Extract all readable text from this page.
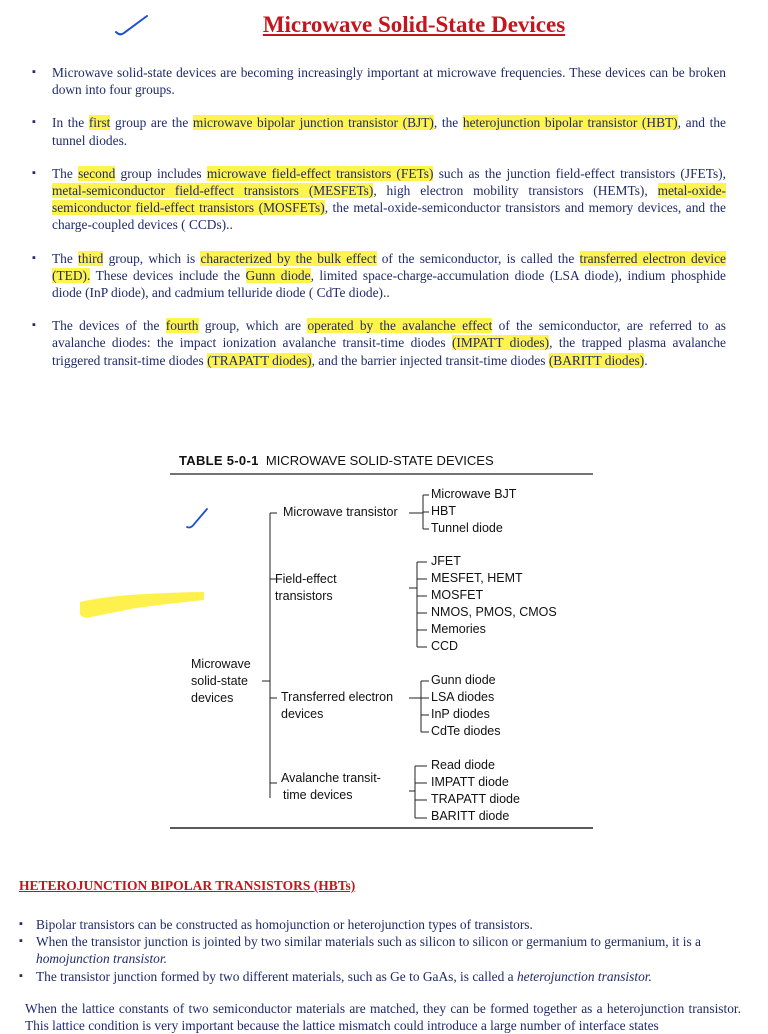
Microwave Solid-State Devices
▪ Microwave solid-state devices are becoming increasingly important at microwave frequencies. These devices can be broken down into four groups.
▪ In the first group are the microwave bipolar junction transistor (BJT), the heterojunction bipolar transistor (HBT), and the tunnel diodes.
▪ The second group includes microwave field-effect transistors (FETs) such as the junction field-effect transistors (JFETs), metal-semiconductor field-effect transistors (MESFETs), high electron mobility transistors (HEMTs), metal-oxide-semiconductor field-effect transistors (MOSFETs), the metal-oxide-semiconductor transistors and memory devices, and the charge-coupled devices ( CCDs)..
▪ The third group, which is characterized by the bulk effect of the semiconductor, is called the transferred electron device (TED). These devices include the Gunn diode, limited space-charge-accumulation diode (LSA diode), indium phosphide diode (InP diode), and cadmium telluride diode ( CdTe diode)..
▪ The devices of the fourth group, which are operated by the avalanche effect of the semiconductor, are referred to as avalanche diodes: the impact ionization avalanche transit-time diodes (IMPATT diodes), the trapped plasma avalanche triggered transit-time diodes (TRAPATT diodes), and the barrier injected transit-time diodes (BARITT diodes).
TABLE 5-0-1 MICROWAVE SOLID-STATE DEVICES
Microwave
solid-state
devices
Microwave transistor
Field-effect
transistors
Transferred electron
devices
Avalanche transit-
time devices
Microwave BJT
HBT
Tunnel diode
JFET
MESFET, HEMT
MOSFET
NMOS, PMOS, CMOS
Memories
CCD
Gunn diode
LSA diodes
InP diodes
CdTe diodes
Read diode
IMPATT diode
TRAPATT diode
BARITT diode
HETEROJUNCTION BIPOLAR TRANSISTORS (HBTs)
▪ Bipolar transistors can be constructed as homojunction or heterojunction types of transistors.
▪ When the transistor junction is jointed by two similar materials such as silicon to silicon or germanium to germanium, it is a homojunction transistor.
▪ The transistor junction formed by two different materials, such as Ge to GaAs, is called a heterojunction transistor.
When the lattice constants of two semiconductor materials are matched, they can be formed together as a heterojunction transistor. This lattice condition is very important because the lattice mismatch could introduce a large number of interface states
